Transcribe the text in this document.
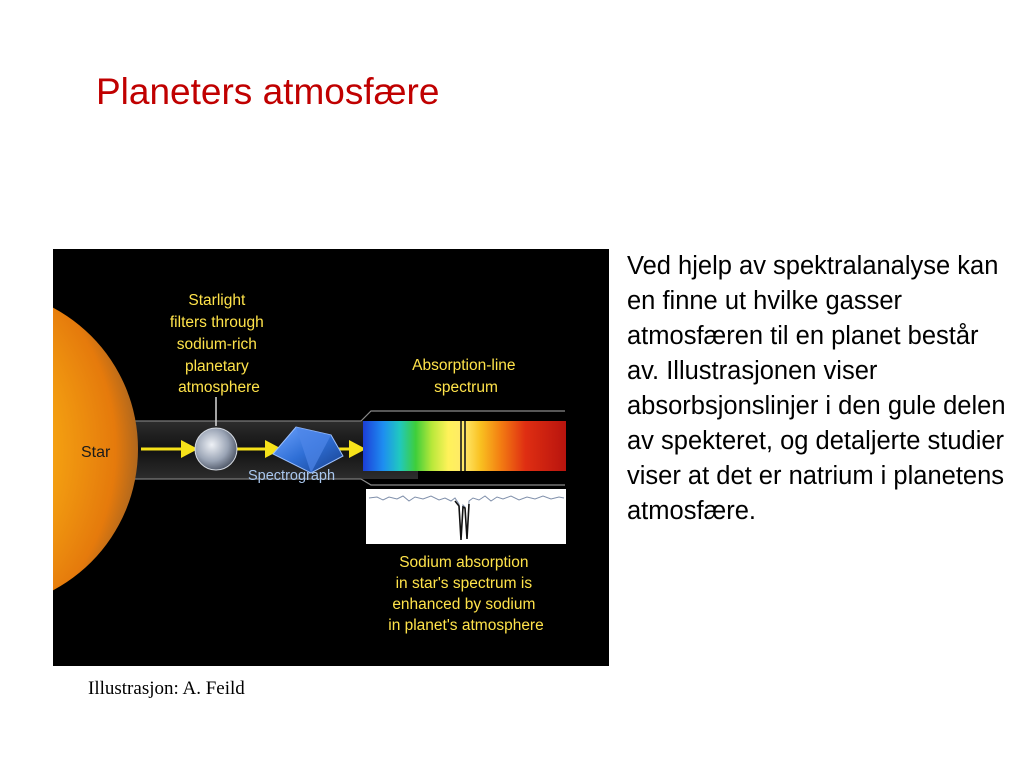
Planeters atmosfære
Star
Spectrograph
Starlight filters through sodium-rich planetary atmosphere
Absorption-line spectrum
Sodium absorption in star's spectrum is enhanced by sodium in planet's atmosphere
Illustrasjon: A. Feild
Ved hjelp av spektralanalyse kan en finne ut hvilke gasser atmosfæren til en planet består av. Illustrasjonen viser absorbsjonslinjer i den gule delen av spekteret, og detaljerte studier viser at det er natrium i planetens atmosfære.
